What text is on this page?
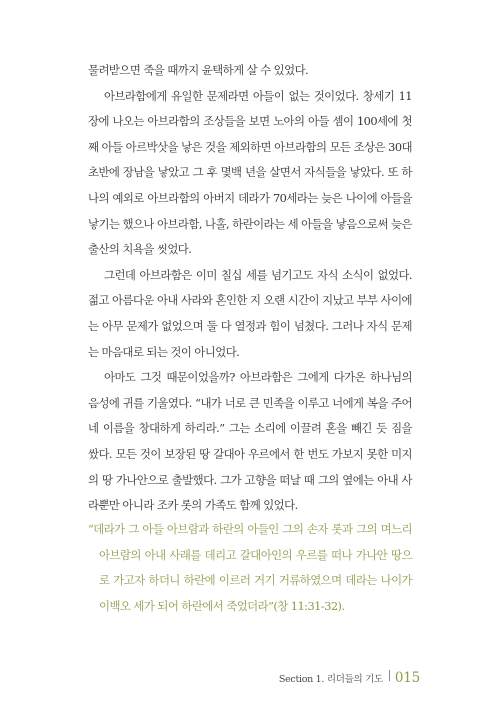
물려받으면 죽을 때까지 윤택하게 살 수 있었다.

아브라함에게 유일한 문제라면 아들이 없는 것이었다. 창세기 11장에 나오는 아브라함의 조상들을 보면 노아의 아들 셈이 100세에 첫째 아들 아르박삿을 낳은 것을 제외하면 아브라함의 모든 조상은 30대 초반에 장남을 낳았고 그 후 몇백 년을 살면서 자식들을 낳았다. 또 하나의 예외로 아브라함의 아버지 데라가 70세라는 늦은 나이에 아들을 낳기는 했으나 아브라함, 나홀, 하란이라는 세 아들을 낳음으로써 늦은 출산의 치욕을 씻었다.

그런데 아브라함은 이미 칠십 세를 넘기고도 자식 소식이 없었다. 젊고 아름다운 아내 사라와 혼인한 지 오랜 시간이 지났고 부부 사이에는 아무 문제가 없었으며 둘 다 열정과 힘이 넘쳤다. 그러나 자식 문제는 마음대로 되는 것이 아니었다.

아마도 그것 때문이었을까? 아브라함은 그에게 다가온 하나님의 음성에 귀를 기울였다. “내가 너로 큰 민족을 이루고 너에게 복을 주어 네 이름을 창대하게 하리라.” 그는 소리에 이끌려 혼을 빼긴 듯 짐을 쌌다. 모든 것이 보장된 땅 갈대아 우르에서 한 번도 가보지 못한 미지의 땅 가나안으로 출발했다. 그가 고향을 떠날 때 그의 옆에는 아내 사라뿐만 아니라 조카 롯의 가족도 함께 있었다.

“데라가 그 아들 아브람과 하란의 아들인 그의 손자 롯과 그의 며느리 아브람의 아내 사래를 데리고 갈대아인의 우르를 떠나 가나안 땅으로 가고자 하더니 하란에 이르러 거기 거류하였으며 데라는 나이가 이백오 세가 되어 하란에서 죽었더라”(창 11:31-32).

Section 1. 리더들의 기도 015
